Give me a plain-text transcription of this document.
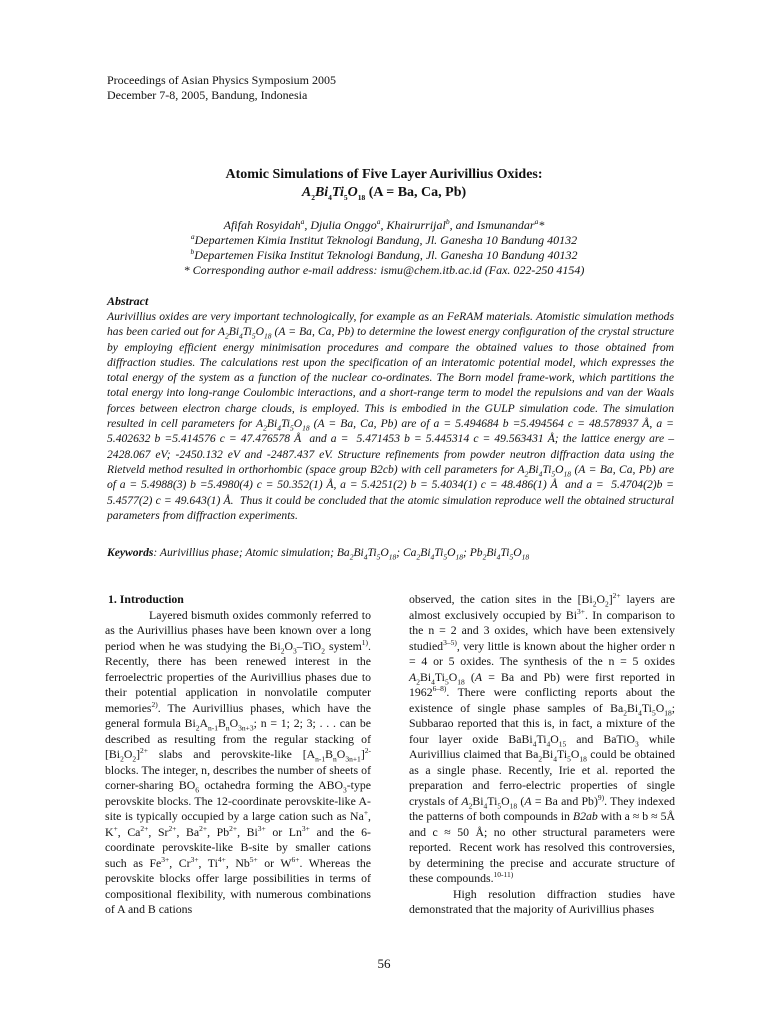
Proceedings of Asian Physics Symposium 2005
December 7-8, 2005, Bandung, Indonesia
Atomic Simulations of Five Layer Aurivillius Oxides:
$A_2Bi_4Ti_5O_{18}$ (A = Ba, Ca, Pb)
Afifah Rosyidah$^a$, Djulia Onggo$^a$, Khairurrijal$^b$, and Ismunandar$^a$*
$^a$Departemen Kimia Institut Teknologi Bandung, Jl. Ganesha 10 Bandung 40132
$^b$Departemen Fisika Institut Teknologi Bandung, Jl. Ganesha 10 Bandung 40132
* Corresponding author e-mail address: ismu@chem.itb.ac.id (Fax. 022-250 4154)
Abstract
Aurivillius oxides are very important technologically, for example as an FeRAM materials. Atomistic simulation methods has been caried out for $A_2Bi_4Ti_5O_{18}$ (A = Ba, Ca, Pb) to determine the lowest energy configuration of the crystal structure by employing efficient energy minimisation procedures and compare the obtained values to those obtained from diffraction studies. The calculations rest upon the specification of an interatomic potential model, which expresses the total energy of the system as a function of the nuclear co-ordinates. The Born model frame-work, which partitions the total energy into long-range Coulombic interactions, and a short-range term to model the repulsions and van der Waals forces between electron charge clouds, is employed. This is embodied in the GULP simulation code. The simulation resulted in cell parameters for $A_2Bi_4Ti_5O_{18}$ (A = Ba, Ca, Pb) are of a = 5.494684 b =5.494564 c = 48.578937 Å, a = 5.402632 b =5.414576 c = 47.476578 Å  and a =  5.471453 b = 5.445314 c = 49.563431 Å; the lattice energy are –2428.067 eV; -2450.132 eV and -2487.437 eV. Structure refinements from powder neutron diffraction data using the Rietveld method resulted in orthorhombic (space group B2cb) with cell parameters for $A_2Bi_4Ti_5O_{18}$ (A = Ba, Ca, Pb) are of a = 5.4988(3) b =5.4980(4) c = 50.352(1) Å, a = 5.4251(2) b = 5.4034(1) c = 48.486(1) Å  and a =  5.4704(2)b = 5.4577(2) c = 49.643(1) Å.  Thus it could be concluded that the atomic simulation reproduce well the obtained structural parameters from diffraction experiments.
Keywords: Aurivillius phase; Atomic simulation; $Ba_2Bi_4Ti_5O_{18}$; $Ca_2Bi_4Ti_5O_{18}$; $Pb_2Bi_4Ti_5O_{18}$
1. Introduction

Layered bismuth oxides commonly referred to as the Aurivillius phases have been known over a long period when he was studying the $Bi_2O_3-TiO_2$ system$^{1)}$. Recently, there has been renewed interest in the ferroelectric properties of the Aurivillius phases due to their potential application in nonvolatile computer memories$^{2)}$. The Aurivillius phases, which have the general formula $Bi_2A_{n-1}B_nO_{3n+3}$; n = 1; 2; 3; . . . can be described as resulting from the regular stacking of $[Bi_2O_2]^{2+}$ slabs and perovskite-like $[A_{n-1}B_nO_{3n+1}]^{2-}$ blocks. The integer, n, describes the number of sheets of corner-sharing $BO_6$ octahedra forming the $ABO_3$-type perovskite blocks. The 12-coordinate perovskite-like A-site is typically occupied by a large cation such as Na+, K+, $Ca^{2+}$, $Sr^{2+}$, $Ba^{2+}$, $Pb^{2+}$, $Bi^{3+}$ or $Ln^{3+}$ and the 6-coordinate perovskite-like B-site by smaller cations such as $Fe^{3+}$, $Cr^{3+}$, $Ti^{4+}$, $Nb^{5+}$ or $W^{6+}$. Whereas the perovskite blocks offer large possibilities in terms of compositional flexibility, with numerous combinations of A and B cations

observed, the cation sites in the $[Bi_2O_2]^{2+}$ layers are almost exclusively occupied by $Bi^{3+}$. In comparison to the n = 2 and 3 oxides, which have been extensively studied$^{3-5)}$, very little is known about the higher order n = 4 or 5 oxides. The synthesis of the n = 5 oxides $A_2Bi_4Ti_5O_{18}$ (A = Ba and Pb) were first reported in 1962$^{6-8)}$. There were conflicting reports about the existence of single phase samples of $Ba_2Bi_4Ti_5O_{18}$; Subbarao reported that this is, in fact, a mixture of the four layer oxide $BaBi_4Ti_4O_{15}$ and BaTiO$_3$ while Aurivillius claimed that $Ba_2Bi_4Ti_5O_{18}$ could be obtained as a single phase. Recently, Irie et al. reported the preparation and ferro-electric properties of single crystals of $A_2Bi_4Ti_5O_{18}$ (A = Ba and Pb)$^{9)}$. They indexed the patterns of both compounds in B2ab with a ≈ b ≈ 5Å and c ≈ 50 Å; no other structural parameters were reported.  Recent work has resolved this controversies, by determining the precise and accurate structure of these compounds.$^{10-11)}$

High resolution diffraction studies have demonstrated that the majority of Aurivillius phases

56
